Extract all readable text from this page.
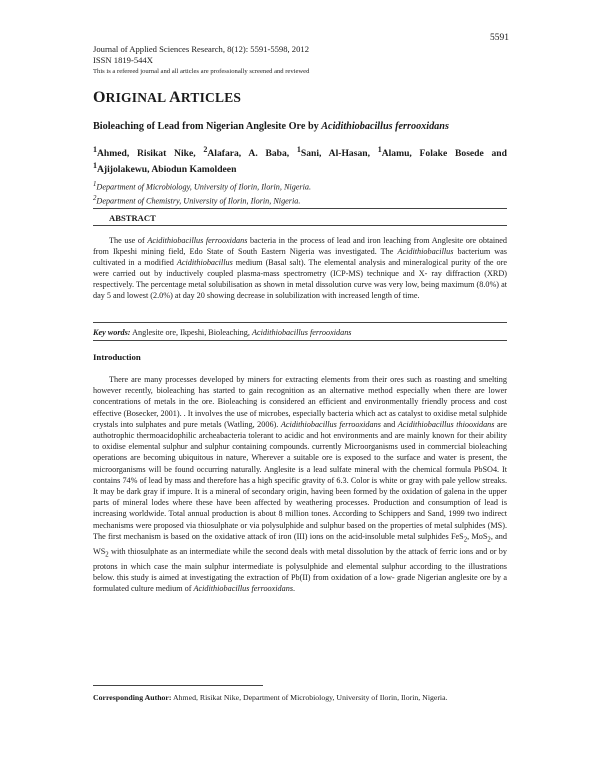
5591
Journal of Applied Sciences Research, 8(12): 5591-5598, 2012
ISSN 1819-544X
This is a refereed journal and all articles are professionally screened and reviewed
ORIGINAL ARTICLES
Bioleaching of Lead from Nigerian Anglesite Ore by Acidithiobacillus ferrooxidans
$^1$Ahmed, Risikat Nike, $^2$Alafara, A. Baba, $^1$Sani, Al-Hasan, $^1$Alamu, Folake Bosede and $^1$Ajijolakewu, Abiodun Kamoldeen
$^1$Department of Microbiology, University of Ilorin, Ilorin, Nigeria.
$^2$Department of Chemistry, University of Ilorin, Ilorin, Nigeria.
ABSTRACT
The use of Acidithiobacillus ferrooxidans bacteria in the process of lead and iron leaching from Anglesite ore obtained from Ikpeshi mining field, Edo State of South Eastern Nigeria was investigated. The Acidithiobacillus bacterium was cultivated in a modified Acidithiobacillus medium (Basal salt). The elemental analysis and mineralogical purity of the ore were carried out by inductively coupled plasma-mass spectrometry (ICP-MS) technique and X- ray diffraction (XRD) respectively. The percentage metal solubilisation as shown in metal dissolution curve was very low, being maximum (8.0%) at day 5 and lowest (2.0%) at day 20 showing decrease in solubilization with increased length of time.
Key words: Anglesite ore, Ikpeshi, Bioleaching, Acidithiobacillus ferrooxidans
Introduction
There are many processes developed by miners for extracting elements from their ores such as roasting and smelting however recently, bioleaching has started to gain recognition as an alternative method especially when there are lower concentrations of metals in the ore. Bioleaching is considered an efficient and environmentally friendly process and cost effective (Bosecker, 2001). . It involves the use of microbes, especially bacteria which act as catalyst to oxidise metal sulphide crystals into sulphates and pure metals (Watling, 2006). Acidithiobacillus ferrooxidans and Acidithiobacillus thiooxidans are authotrophic thermoacidophilic archeabacteria tolerant to acidic and hot environments and are mainly known for their ability to oxidise elemental sulphur and sulphur containing compounds. currently Microorganisms used in commercial bioleaching operations are becoming ubiquitous in nature, Wherever a suitable ore is exposed to the surface and water is present, the microorganisms will be found occurring naturally. Anglesite is a lead sulfate mineral with the chemical formula PbSO4. It contains 74% of lead by mass and therefore has a high specific gravity of 6.3. Color is white or gray with pale yellow streaks. It may be dark gray if impure. It is a mineral of secondary origin, having been formed by the oxidation of galena in the upper parts of mineral lodes where these have been affected by weathering processes. Production and consumption of lead is increasing worldwide. Total annual production is about 8 million tones. According to Schippers and Sand, 1999 two indirect mechanisms were proposed via thiosulphate or via polysulphide and sulphur based on the properties of metal sulphides (MS). The first mechanism is based on the oxidative attack of iron (III) ions on the acid-insoluble metal sulphides FeS$_2$, MoS$_2$, and $WS_2$ with thiosulphate as an intermediate while the second deals with metal dissolution by the attack of ferric ions and or by protons in which case the main sulphur intermediate is polysulphide and elemental sulphur according to the illustrations below. this study is aimed at investigating the extraction of Pb(II) from oxidation of a low- grade Nigerian anglesite ore by a formulated culture medium of Acidithiobacillus ferrooxidans.
Corresponding Author: Ahmed, Risikat Nike, Department of Microbiology, University of Ilorin, Ilorin, Nigeria.
